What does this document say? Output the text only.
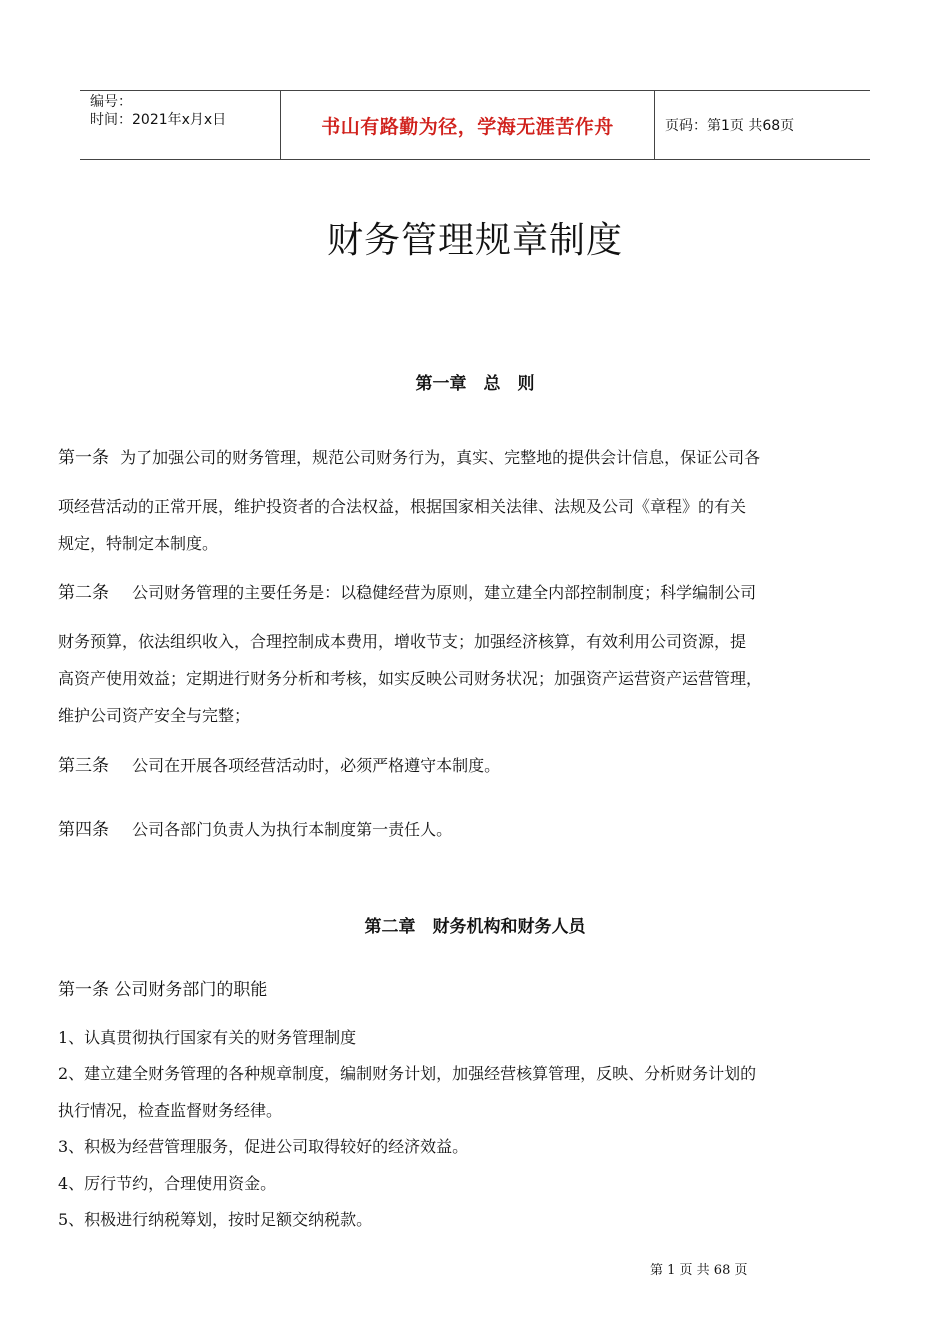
编号：
时间：2021年x月x日	书山有路勤为径，学海无涯苦作舟	页码：第1页 共68页
财务管理规章制度
第一章　总　则
第一条 为了加强公司的财务管理，规范公司财务行为，真实、完整地的提供会计信息，保证公司各
项经营活动的正常开展，维护投资者的合法权益，根据国家相关法律、法规及公司《章程》的有关
规定，特制定本制度。
第二条 公司财务管理的主要任务是：以稳健经营为原则，建立建全内部控制制度；科学编制公司
财务预算，依法组织收入，合理控制成本费用，增收节支；加强经济核算，有效利用公司资源，提
高资产使用效益；定期进行财务分析和考核，如实反映公司财务状况；加强资产运营资产运营管理，
维护公司资产安全与完整；
第三条 公司在开展各项经营活动时，必须严格遵守本制度。
第四条 公司各部门负责人为执行本制度第一责任人。
第二章　财务机构和财务人员
第一条 公司财务部门的职能
1、认真贯彻执行国家有关的财务管理制度
2、建立建全财务管理的各种规章制度，编制财务计划，加强经营核算管理，反映、分析财务计划的
执行情况，检查监督财务经律。
3、积极为经营管理服务，促进公司取得较好的经济效益。
4、厉行节约，合理使用资金。
5、积极进行纳税筹划，按时足额交纳税款。
第 1 页 共 68 页
